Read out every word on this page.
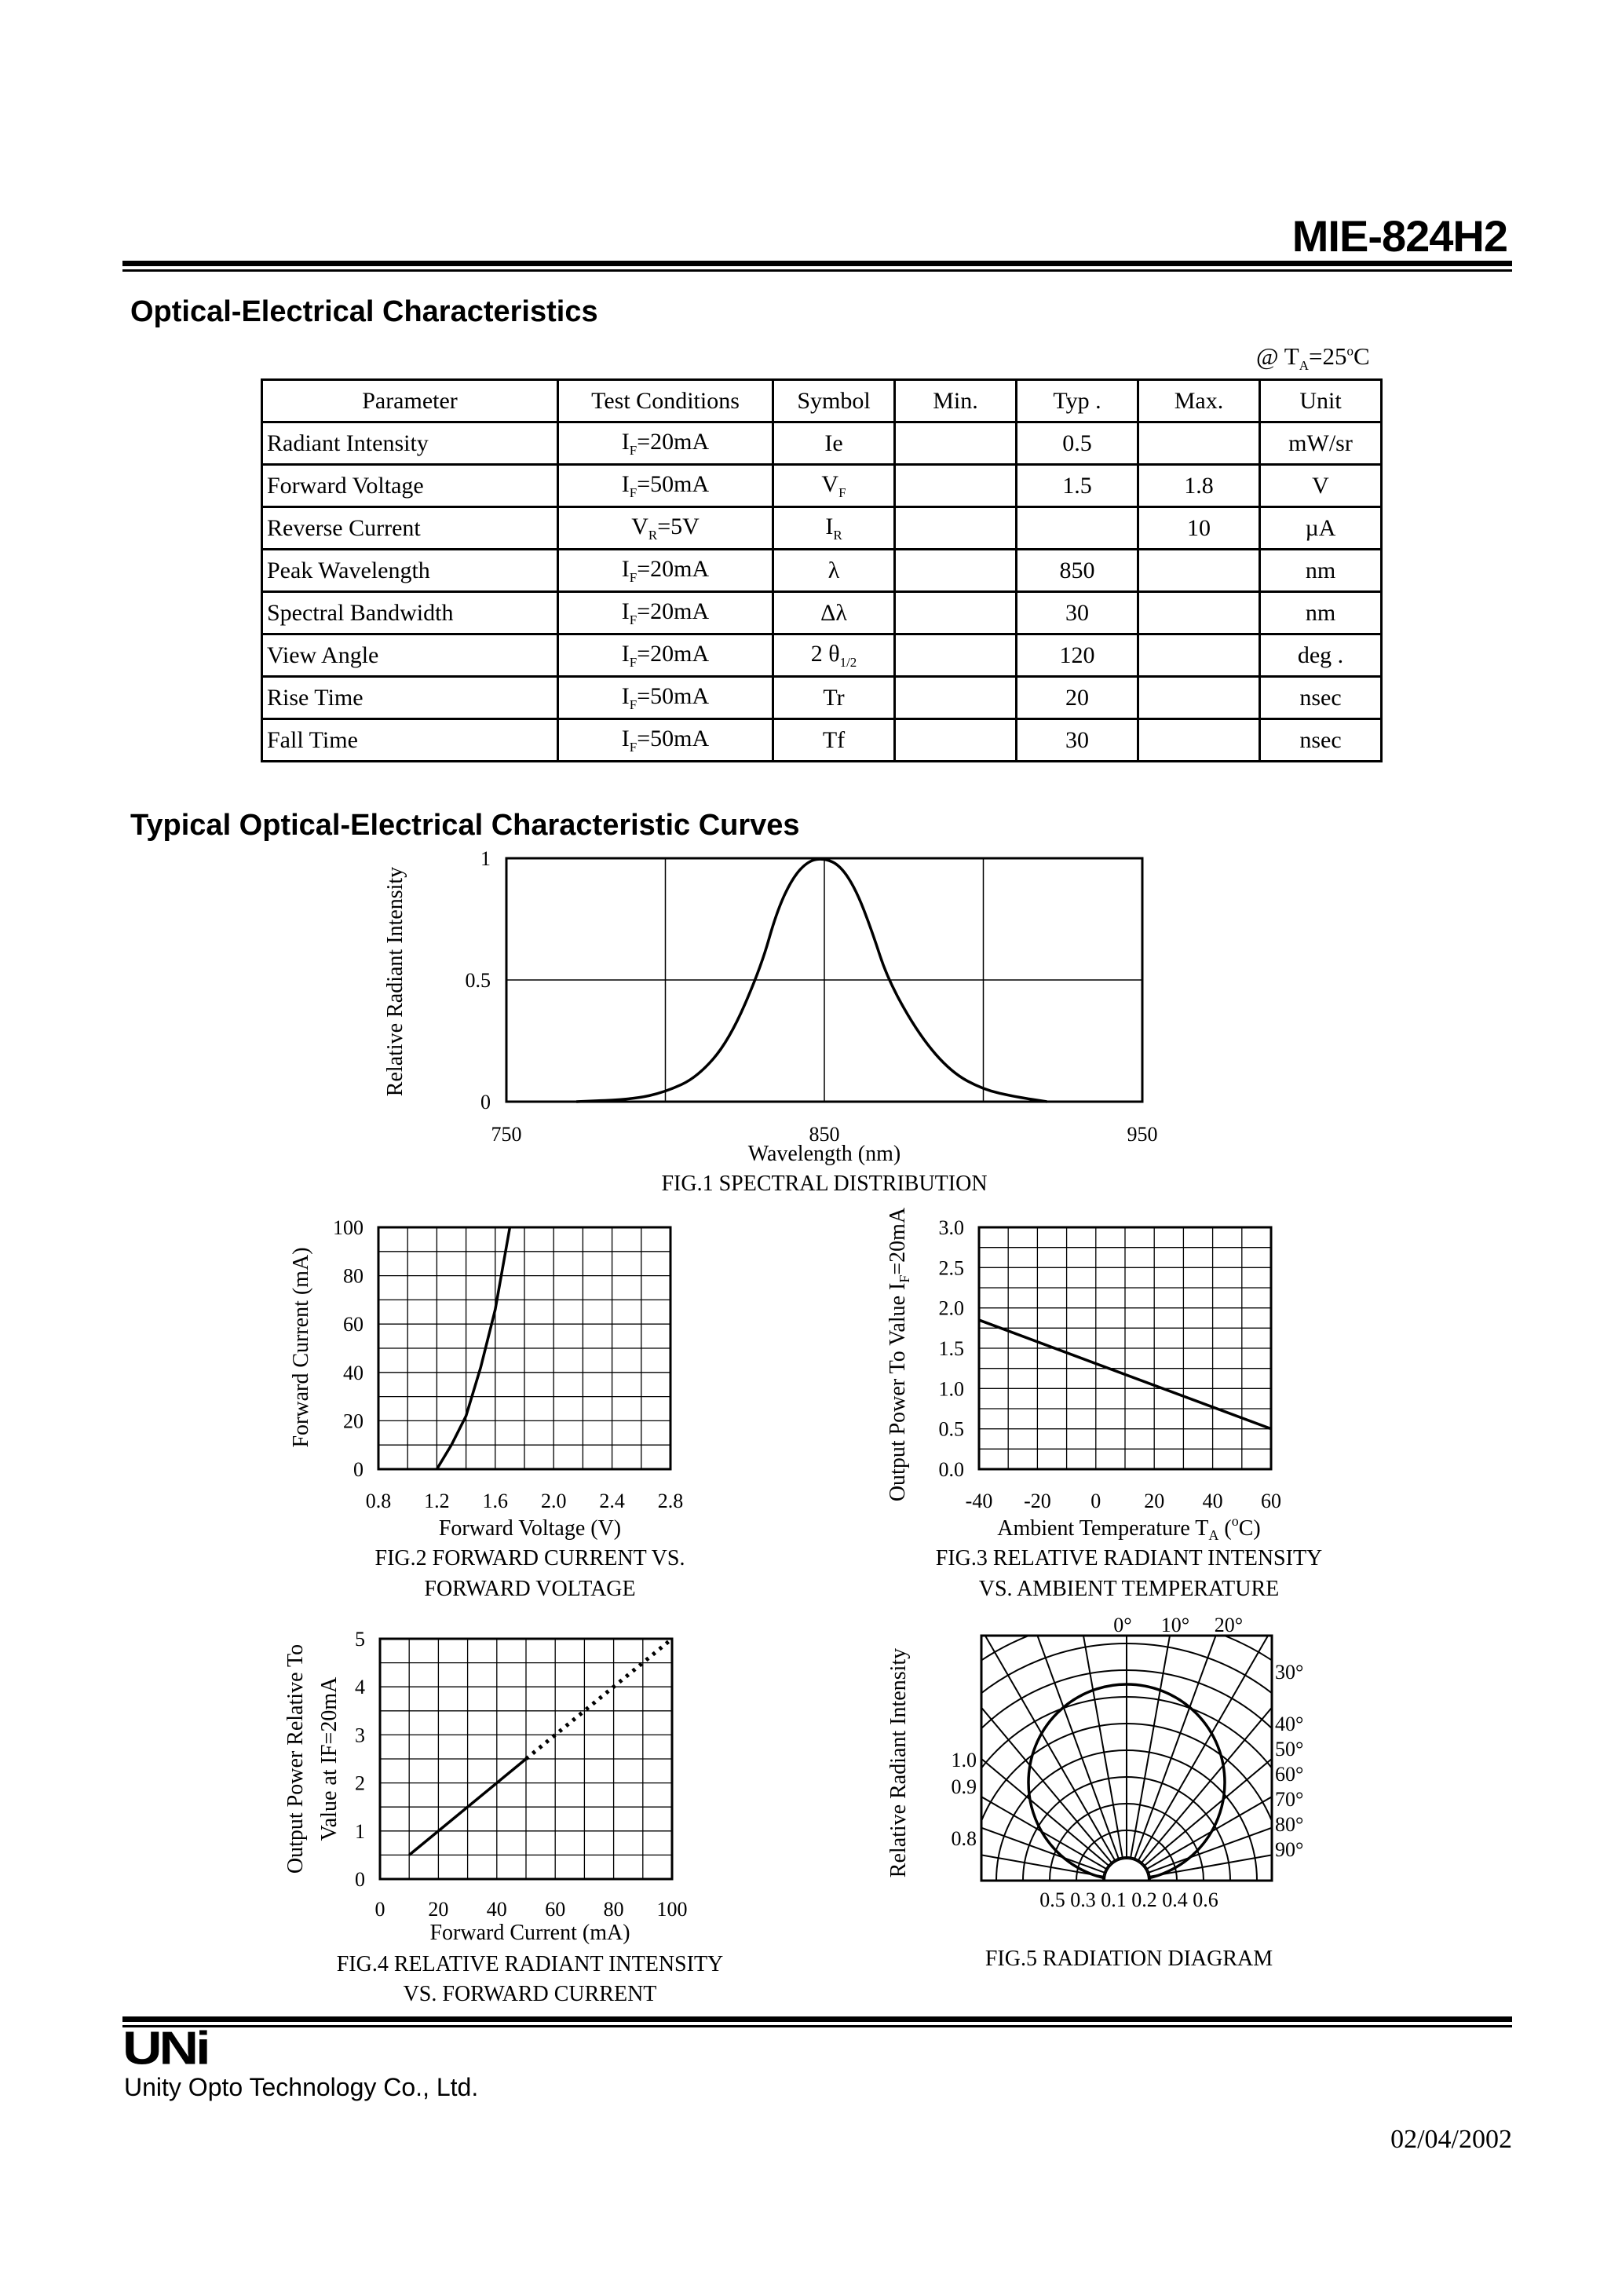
MIE-824H2
Optical-Electrical Characteristics
@ $T_A=25^oC$
Parameter	Test Conditions	Symbol	Min.	Typ .	Max.	Unit
Radiant Intensity	$I_F=20mA$	Ie		0.5		mW/sr
Forward Voltage	$I_F=50mA$	$V_F$		1.5	1.8	V
Reverse Current	$V_R=5V$	$I_R$			10	µA
Peak Wavelength	$I_F=20mA$	λ		850		nm
Spectral Bandwidth	$I_F=20mA$	Δλ		30		nm
View Angle	$I_F=20mA$	2 $\theta_{1/2}$		120		deg .
Rise Time	$I_F=50mA$	Tr		20		nsec
Fall Time	$I_F=50mA$	Tf		30		nsec
Typical Optical-Electrical Characteristic Curves
0
0.5
1
750	850	950
Wavelength (nm)
FIG.1 SPECTRAL DISTRIBUTION
Relative Radiant Intensity
0
20
40
60
80
100
0.8 1.2 1.6 2.0 2.4 2.8
Forward Voltage (V)
FIG.2 FORWARD CURRENT VS.
FORWARD VOLTAGE
Forward Current (mA)
0.0
0.5
1.0
1.5
2.0
2.5
3.0
-40 -20 0 20 40 60
Ambient Temperature $T_A$ ($^o$C)
FIG.3 RELATIVE RADIANT INTENSITY
VS. AMBIENT TEMPERATURE
Output Power To Value $I_F=20mA$
0
1
2
3
4
5
0 20 40 60 80 100
Forward Current (mA)
FIG.4 RELATIVE RADIANT INTENSITY
VS. FORWARD CURRENT
Output Power Relative To Value at IF=20mA
0° 10° 20°
30°
40°
50°
60°
70°
80°
90°
1.0
0.9
0.8
0.5 0.3 0.1 0.2 0.4 0.6
FIG.5 RADIATION DIAGRAM
Relative Radiant Intensity
UNi
Unity Opto Technology Co., Ltd.
02/04/2002
